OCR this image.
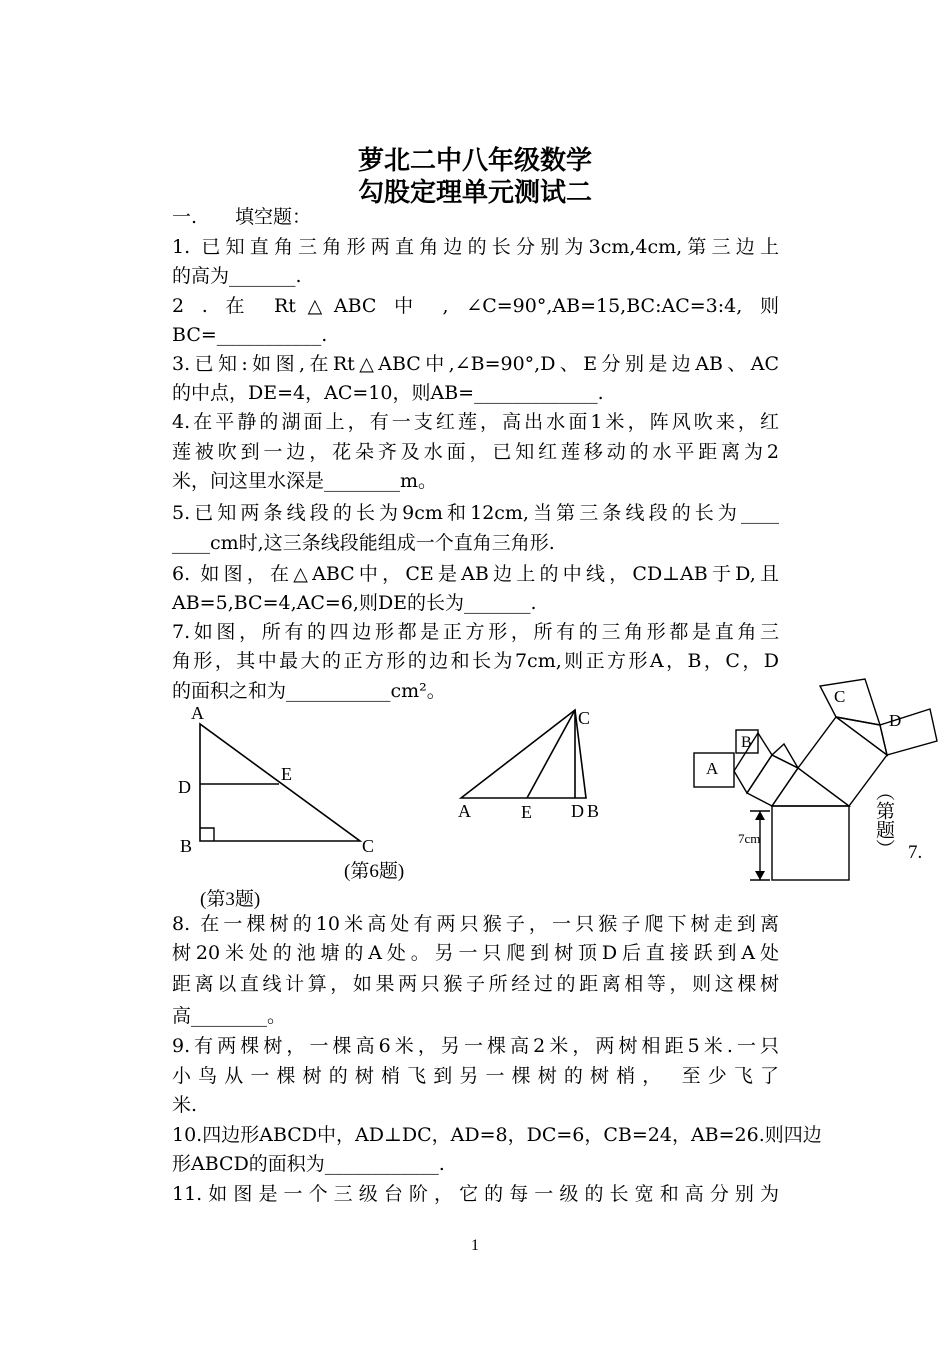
萝北二中八年级数学
勾股定理单元测试二
一.　　填空题：
1. 已知直角三角形两直角边的长分别为3cm,4cm,第三边上
的高为_______.
2 . 在 Rt△ABC 中 , ∠C=90°,AB=15,BC:AC=3:4, 则
BC=___________.
3.已知:如图,在Rt△ABC中,∠B=90°,D、E分别是边AB、AC
的中点，DE=4，AC=10，则AB=_____________.
4.在平静的湖面上，有一支红莲，高出水面1米，阵风吹来，红
莲被吹到一边，花朵齐及水面，已知红莲移动的水平距离为2
米，问这里水深是________m。
5.已知两条线段的长为9cm和12cm,当第三条线段的长为____
____cm时,这三条线段能组成一个直角三角形.
6. 如图，在△ABC中，CE是AB边上的中线，CD⊥AB于D,且
AB=5,BC=4,AC=6,则DE的长为_______.
7.如图，所有的四边形都是正方形，所有的三角形都是直角三
角形，其中最大的正方形的边和长为7cm,则正方形A，B，C，D
的面积之和为___________cm²。
A
D
E
B	C
(第3题)
C
A	E D B
(第6题)
A
B
C
D
7cm	（第题） 7.
8. 在一棵树的10米高处有两只猴子，一只猴子爬下树走到离
树20米处的池塘的A处。另一只爬到树顶D后直接跃到A处
距离以直线计算，如果两只猴子所经过的距离相等，则这棵树
高________。
9.有两棵树，一棵高6米，另一棵高2米，两树相距5米.一只
小鸟从一棵树的树梢飞到另一棵树的树梢， 至少飞了
米.
10.四边形ABCD中，AD⊥DC，AD=8，DC=6，CB=24，AB=26.则四边
形ABCD的面积为____________.
11.如图是一个三级台阶，它的每一级的长宽和高分别为
1
